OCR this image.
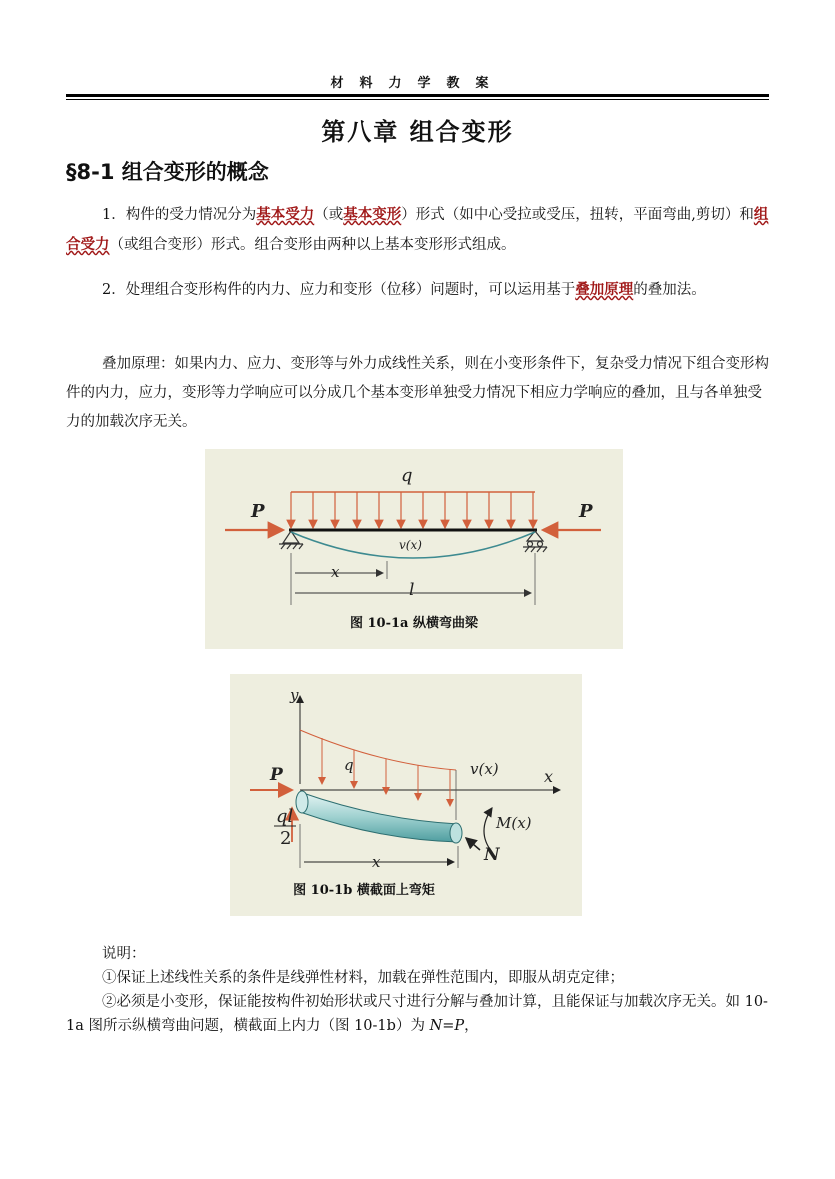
材料力学教案
第八章 组合变形
§8-1 组合变形的概念
1．构件的受力情况分为基本受力（或基本变形）形式（如中心受拉或受压，扭转，平面弯曲,剪切）和组合受力（或组合变形）形式。组合变形由两种以上基本变形形式组成。
2．处理组合变形构件的内力、应力和变形（位移）问题时，可以运用基于叠加原理的叠加法。
叠加原理：如果内力、应力、变形等与外力成线性关系，则在小变形条件下，复杂受力情况下组合变形构件的内力，应力，变形等力学响应可以分成几个基本变形单独受力情况下相应力学响应的叠加，且与各单独受力的加载次序无关。
q
P	P
v(x)
x
l
图 10-1a 纵横弯曲梁
y
x
q	v(x)
P
ql
2
M(x)
N
x
图 10-1b 横截面上弯矩
说明：
①保证上述线性关系的条件是线弹性材料，加载在弹性范围内，即服从胡克定律；
②必须是小变形，保证能按构件初始形状或尺寸进行分解与叠加计算，且能保证与加载次序无关。如 10-1a 图所示纵横弯曲问题，横截面上内力（图 10-1b）为 N=P，
